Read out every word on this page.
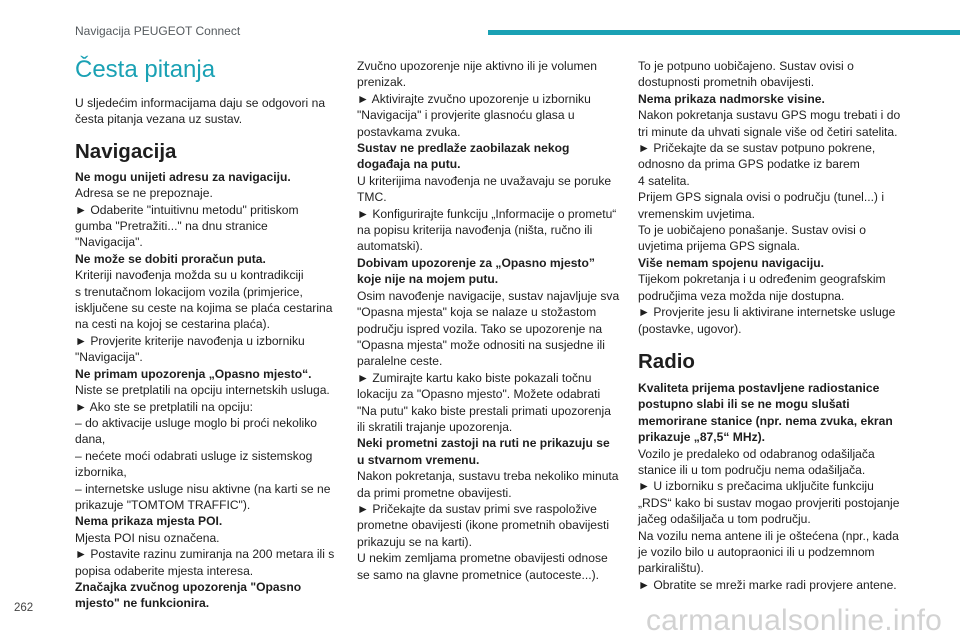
Navigacija PEUGEOT Connect
Česta pitanja

U sljedećim informacijama daju se odgovori na

česta pitanja vezana uz sustav.

Navigacija

Ne mogu unijeti adresu za navigaciju.

Adresa se ne prepoznaje.

► Odaberite "intuitivnu metodu" pritiskom

gumba "Pretražiti..." na dnu stranice

"Navigacija".

Ne može se dobiti proračun puta.

Kriteriji navođenja možda su u kontradikciji

s trenutačnom lokacijom vozila (primjerice,

isključene su ceste na kojima se plaća cestarina

na cesti na kojoj se cestarina plaća).

► Provjerite kriterije navođenja u izborniku

"Navigacija".

Ne primam upozorenja „Opasno mjesto“.

Niste se pretplatili na opciju internetskih usluga.

► Ako ste se pretplatili na opciju:

– do aktivacije usluge moglo bi proći nekoliko

dana,

– nećete moći odabrati usluge iz sistemskog

izbornika,

– internetske usluge nisu aktivne (na karti se ne

prikazuje "TOMTOM TRAFFIC").

Nema prikaza mjesta POI.

Mjesta POI nisu označena.

► Postavite razinu zumiranja na 200 metara ili s

popisa odaberite mjesta interesa.

Značajka zvučnog upozorenja "Opasno

mjesto" ne funkcionira.

Zvučno upozorenje nije aktivno ili je volumen

prenizak.

► Aktivirajte zvučno upozorenje u izborniku

"Navigacija" i provjerite glasnoću glasa u

postavkama zvuka.

Sustav ne predlaže zaobilazak nekog

događaja na putu.

U kriterijima navođenja ne uvažavaju se poruke

TMC.

► Konfigurirajte funkciju „Informacije o prometu“

na popisu kriterija navođenja (ništa, ručno ili

automatski).

Dobivam upozorenje za „Opasno mjesto”

koje nije na mojem putu.

Osim navođenje navigacije, sustav najavljuje sva

"Opasna mjesta" koja se nalaze u stožastom

području ispred vozila. Tako se upozorenje na

"Opasna mjesta" može odnositi na susjedne ili

paralelne ceste.

► Zumirajte kartu kako biste pokazali točnu

lokaciju za "Opasno mjesto". Možete odabrati

"Na putu" kako biste prestali primati upozorenja

ili skratili trajanje upozorenja.

Neki prometni zastoji na ruti ne prikazuju se

u stvarnom vremenu.

Nakon pokretanja, sustavu treba nekoliko minuta

da primi prometne obavijesti.

► Pričekajte da sustav primi sve raspoložive

prometne obavijesti (ikone prometnih obavijesti

prikazuju se na karti).

U nekim zemljama prometne obavijesti odnose

se samo na glavne prometnice (autoceste...).

To je potpuno uobičajeno. Sustav ovisi o

dostupnosti prometnih obavijesti.

Nema prikaza nadmorske visine.

Nakon pokretanja sustavu GPS mogu trebati i do

tri minute da uhvati signale više od četiri satelita.

► Pričekajte da se sustav potpuno pokrene,

odnosno da prima GPS podatke iz barem

4 satelita.

Prijem GPS signala ovisi o području (tunel...) i

vremenskim uvjetima.

To je uobičajeno ponašanje. Sustav ovisi o

uvjetima prijema GPS signala.

Više nemam spojenu navigaciju.

Tijekom pokretanja i u određenim geografskim

područjima veza možda nije dostupna.

► Provjerite jesu li aktivirane internetske usluge

(postavke, ugovor).

Radio

Kvaliteta prijema postavljene radiostanice

postupno slabi ili se ne mogu slušati

memorirane stanice (npr. nema zvuka, ekran

prikazuje „87,5“ MHz).

Vozilo je predaleko od odabranog odašiljača

stanice ili u tom području nema odašiljača.

► U izborniku s prečacima uključite funkciju

„RDS“ kako bi sustav mogao provjeriti postojanje

jačeg odašiljača u tom području.

Na vozilu nema antene ili je oštećena (npr., kada

je vozilo bilo u autopraonici ili u podzemnom

parkiralištu).

► Obratite se mreži marke radi provjere antene.

262	carmanualsonline.info
